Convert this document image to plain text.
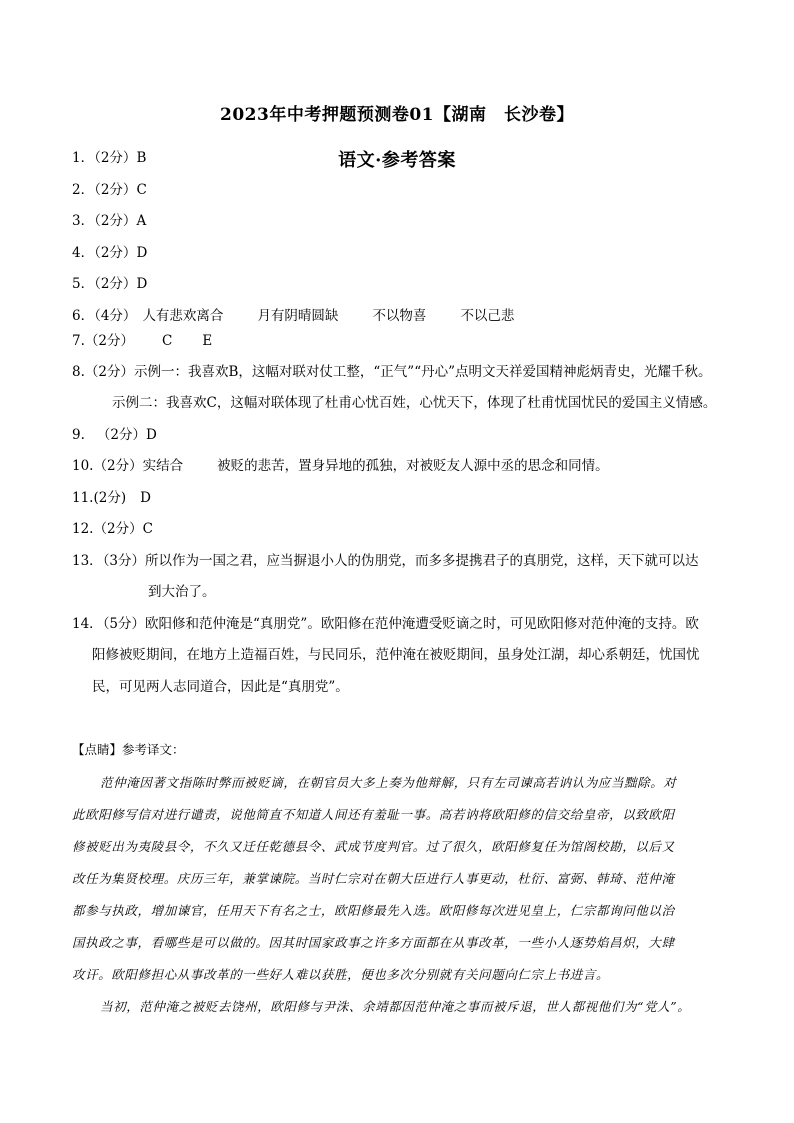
2023年中考押题预测卷01【湖南　长沙卷】
语文·参考答案
1．（2分）B
2．（2分）C
3．（2分）A
4．（2分）D
5．（2分）D
6．（4分） 人有悲欢离合	月有阴晴圆缺	不以物喜	不以己悲
7.（2分） C E
8.（2分）示例一：我喜欢B，这幅对联对仗工整，“正气”“丹心”点明文天祥爱国精神彪炳青史，光耀千秋。
示例二：我喜欢C，这幅对联体现了杜甫心忧百姓，心忧天下，体现了杜甫忧国忧民的爱国主义情感。
9. （2分）D
10.（2分）实结合	被贬的悲苦，置身异地的孤独，对被贬友人源中丞的思念和同情。
11.(2分) D
12.（2分）C
13．（3分）所以作为一国之君，应当摒退小人的伪朋党，而多多提携君子的真朋党，这样，天下就可以达
到大治了。
14．（5分）欧阳修和范仲淹是“真朋党”。欧阳修在范仲淹遭受贬谪之时，可见欧阳修对范仲淹的支持。欧
阳修被贬期间，在地方上造福百姓，与民同乐，范仲淹在被贬期间，虽身处江湖，却心系朝廷，忧国忧
民，可见两人志同道合，因此是“真朋党”。
【点睛】参考译文：
范仲淹因著文指陈时弊而被贬谪，在朝官员大多上奏为他辩解，只有左司谏高若讷认为应当黜除。对
此欧阳修写信对进行谴责，说他简直不知道人间还有羞耻一事。高若讷将欧阳修的信交给皇帝，以致欧阳
修被贬出为夷陵县令，不久又迁任乾德县令、武成节度判官。过了很久，欧阳修复任为馆阁校勘，以后又
改任为集贤校理。庆历三年，兼掌谏院。当时仁宗对在朝大臣进行人事更动，杜衍、富弼、韩琦、范仲淹
都参与执政，增加谏官，任用天下有名之士，欧阳修最先入选。欧阳修每次进见皇上，仁宗都询问他以治
国执政之事，看哪些是可以做的。因其时国家政事之许多方面都在从事改革，一些小人逐势焰昌炽，大肆
攻讦。欧阳修担心从事改革的一些好人难以获胜，便也多次分别就有关问题向仁宗上书进言。
当初，范仲淹之被贬去饶州，欧阳修与尹洙、余靖都因范仲淹之事而被斥退，世人都视他们为“党人”。
